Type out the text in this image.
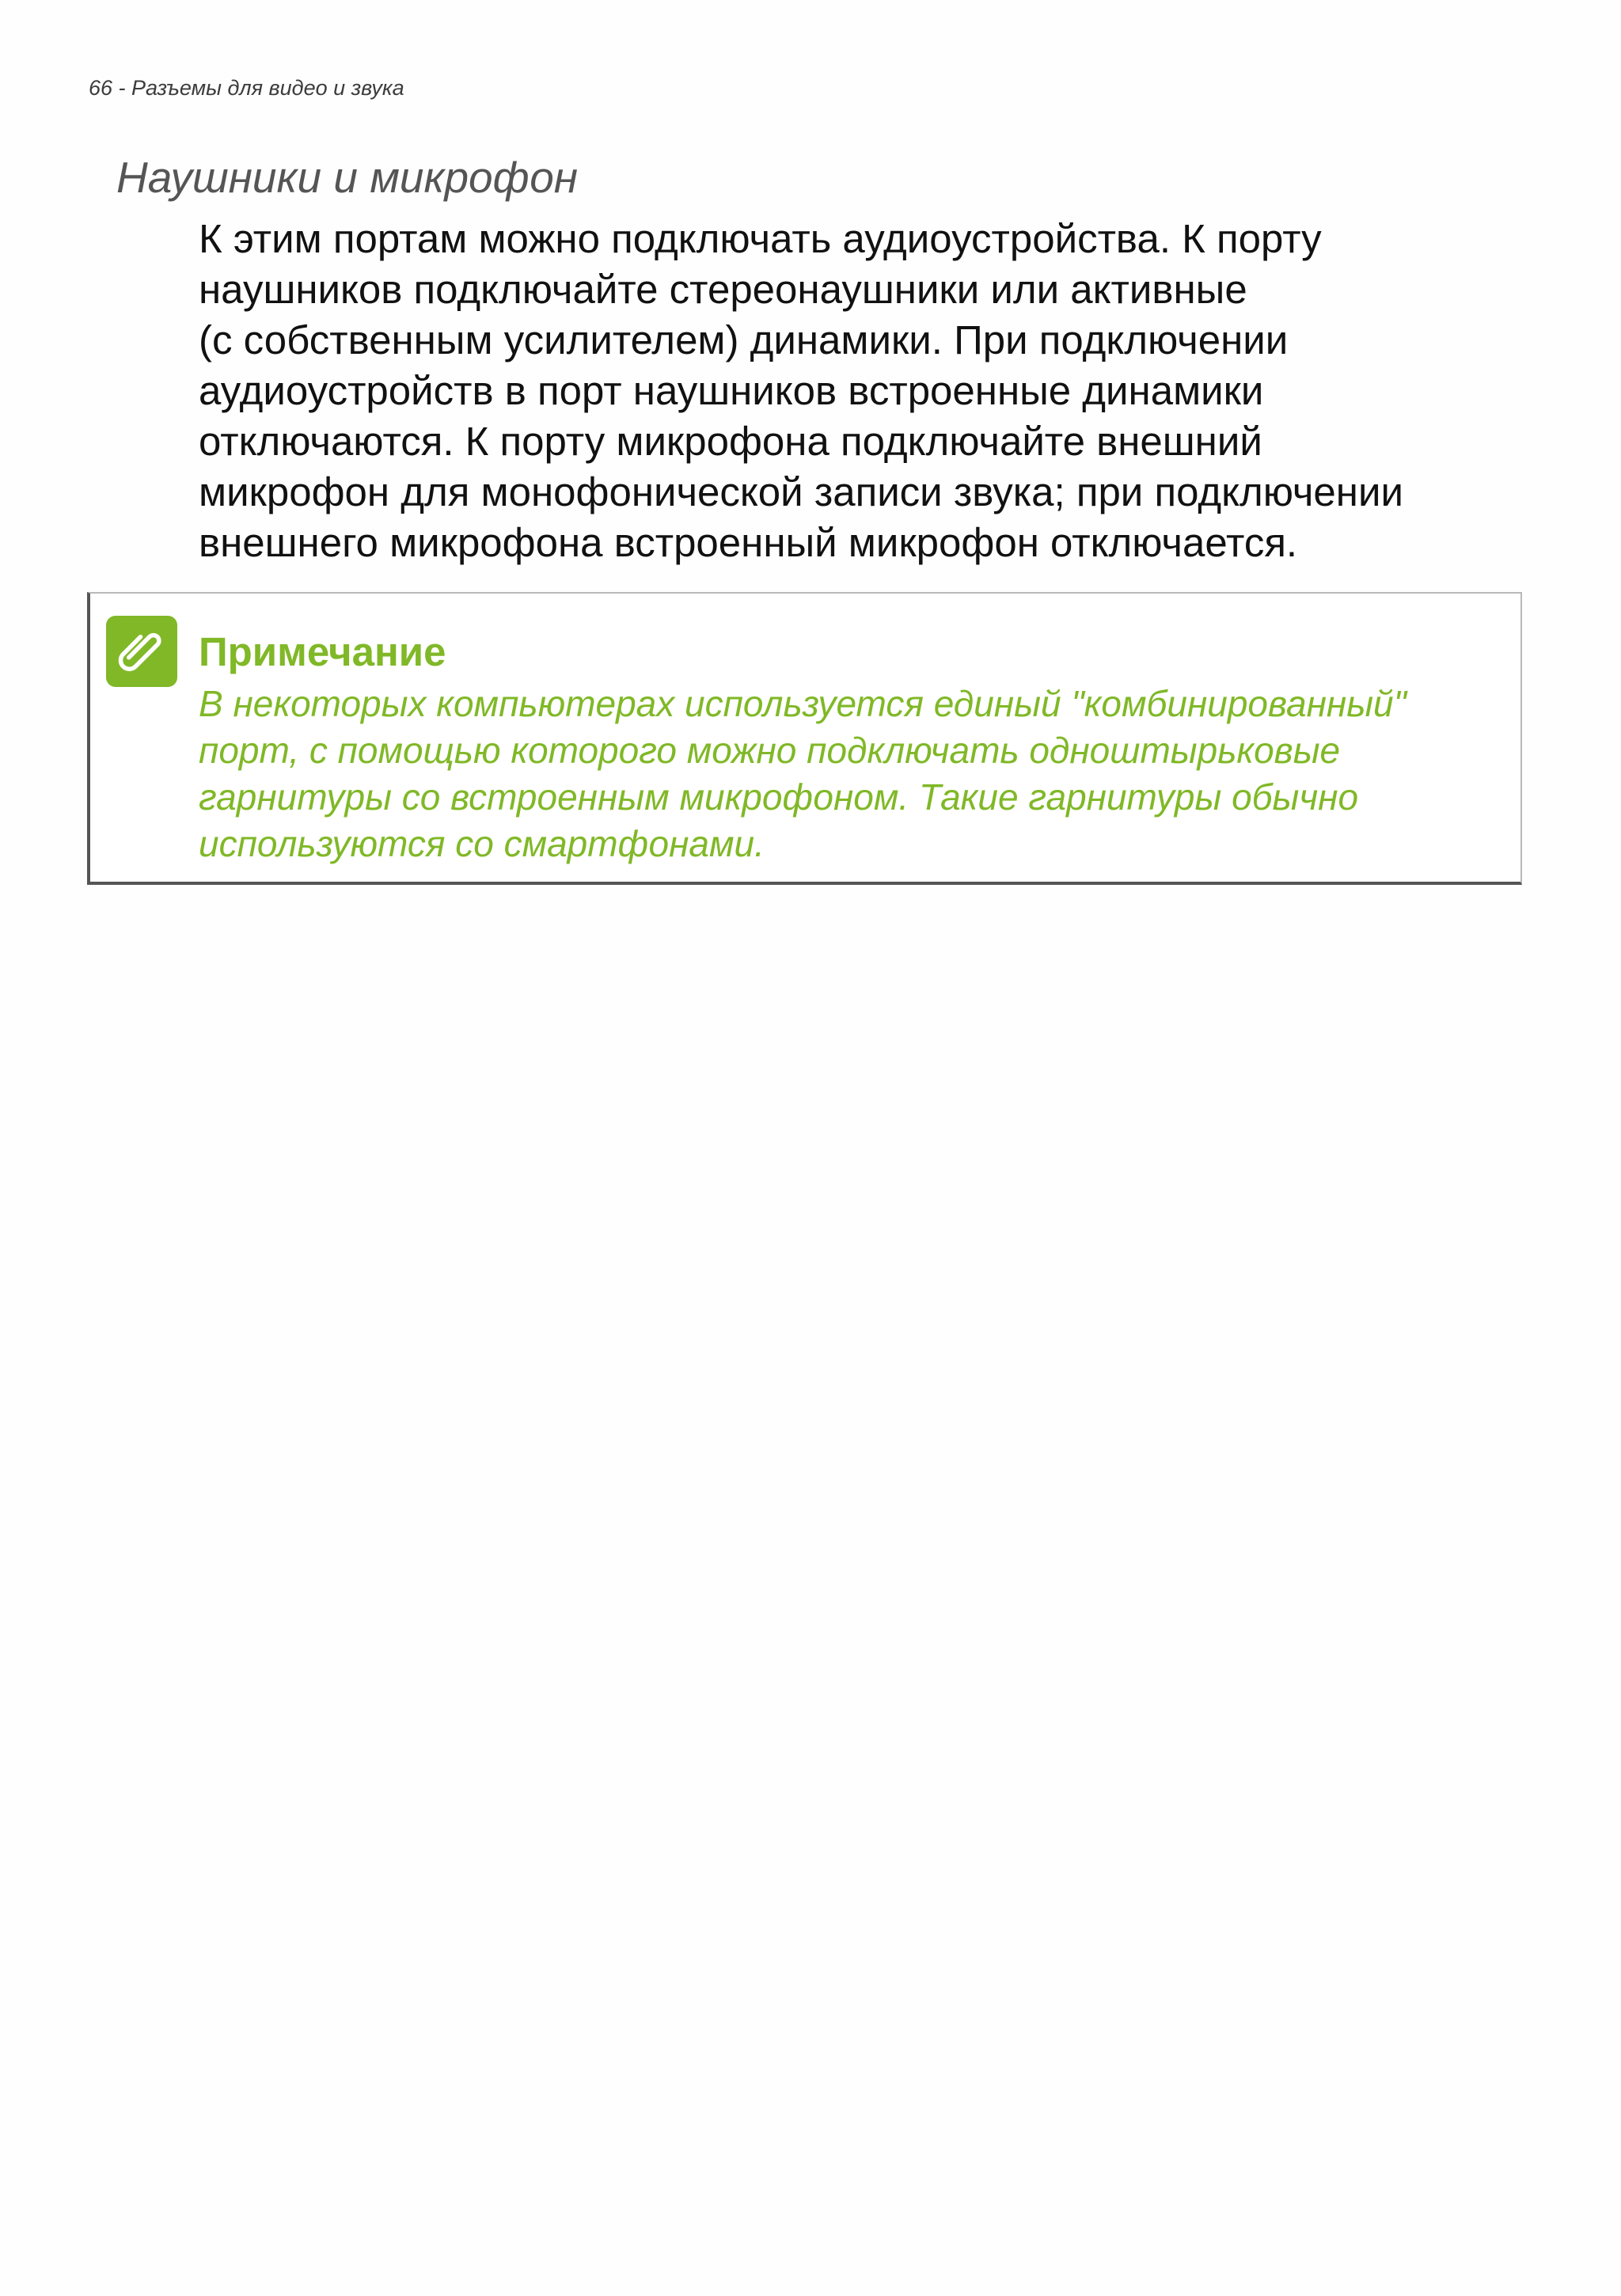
66 - Разъемы для видео и звука
Наушники и микрофон

К этим портам можно подключать аудиоустройства. К порту
наушников подключайте стереонаушники или активные
(с собственным усилителем) динамики. При подключении
аудиоустройств в порт наушников встроенные динамики
отключаются. К порту микрофона подключайте внешний
микрофон для монофонической записи звука; при подключении
внешнего микрофона встроенный микрофон отключается.

Примечание

В некоторых компьютерах используется единый "комбинированный"
порт, с помощью которого можно подключать одноштырьковые
гарнитуры со встроенным микрофоном. Такие гарнитуры обычно
используются со смартфонами.
